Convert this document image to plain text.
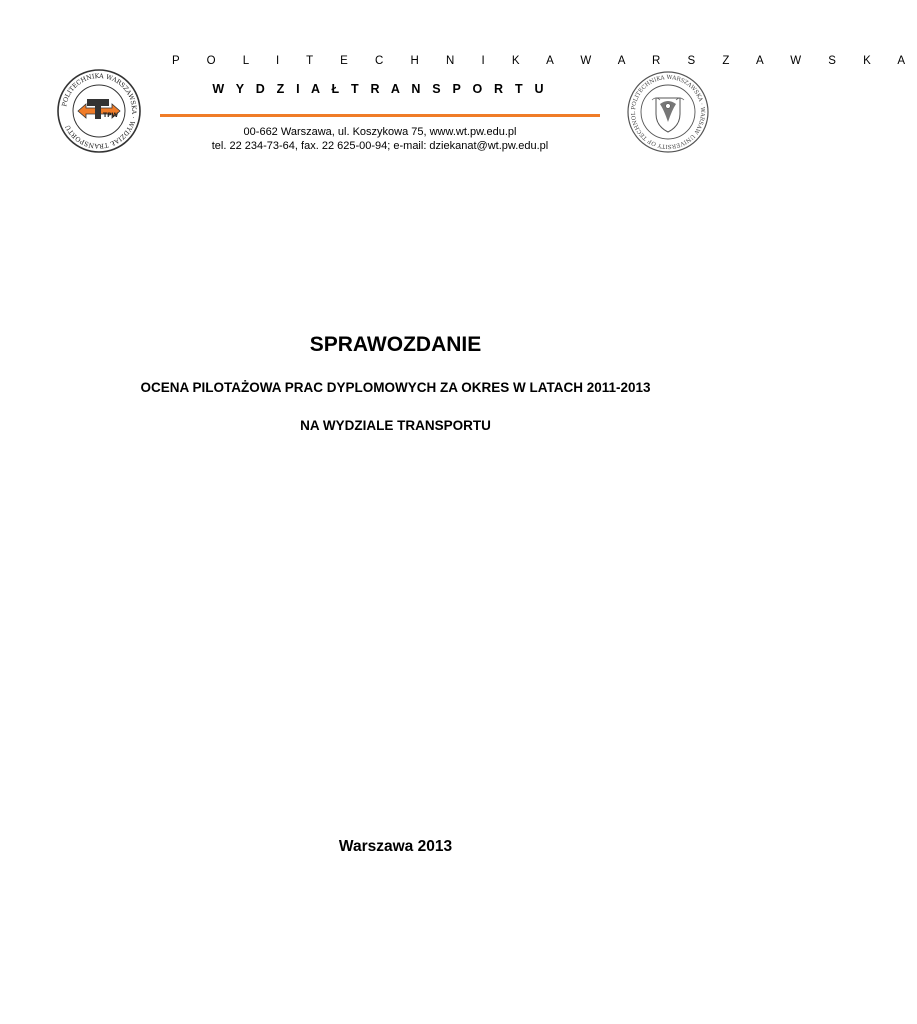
POLITECHNIKA WARSZAWSKA · WYDZIAŁ TRANSPORTU
TPW
P O L I T E C H N I K A W A R S Z A W S K A
W Y D Z I A Ł T R A N S P O R T U
00-662 Warszawa, ul. Koszykowa 75, www.wt.pw.edu.pl
tel. 22 234-73-64, fax. 22 625-00-94; e-mail: dziekanat@wt.pw.edu.pl
POLITECHNIKA WARSZAWSKA · WARSAW UNIVERSITY OF TECHNOL
SPRAWOZDANIE
OCENA PILOTAŻOWA PRAC DYPLOMOWYCH ZA OKRES W LATACH 2011-2013
NA WYDZIALE TRANSPORTU
Warszawa 2013
